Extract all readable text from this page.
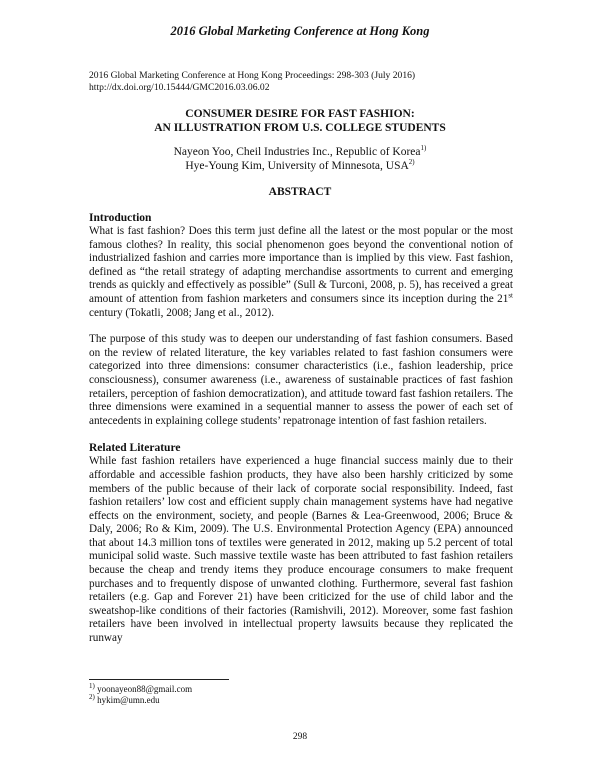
2016 Global Marketing Conference at Hong Kong
2016 Global Marketing Conference at Hong Kong Proceedings: 298-303 (July 2016)
http://dx.doi.org/10.15444/GMC2016.03.06.02
CONSUMER DESIRE FOR FAST FASHION:
AN ILLUSTRATION FROM U.S. COLLEGE STUDENTS
Nayeon Yoo, Cheil Industries Inc., Republic of Korea$^{1)}$
Hye-Young Kim, University of Minnesota, USA$^{2)}$
ABSTRACT

Introduction

What is fast fashion? Does this term just define all the latest or the most popular or the most famous clothes? In reality, this social phenomenon goes beyond the conventional notion of industrialized fashion and carries more importance than is implied by this view. Fast fashion, defined as “the retail strategy of adapting merchandise assortments to current and emerging trends as quickly and effectively as possible” (Sull & Turconi, 2008, p. 5), has received a great amount of attention from fashion marketers and consumers since its inception during the 21st century (Tokatli, 2008; Jang et al., 2012).

The purpose of this study was to deepen our understanding of fast fashion consumers. Based on the review of related literature, the key variables related to fast fashion consumers were categorized into three dimensions: consumer characteristics (i.e., fashion leadership, price consciousness), consumer awareness (i.e., awareness of sustainable practices of fast fashion retailers, perception of fashion democratization), and attitude toward fast fashion retailers. The three dimensions were examined in a sequential manner to assess the power of each set of antecedents in explaining college students’ repatronage intention of fast fashion retailers.

Related Literature

While fast fashion retailers have experienced a huge financial success mainly due to their affordable and accessible fashion products, they have also been harshly criticized by some members of the public because of their lack of corporate social responsibility. Indeed, fast fashion retailers’ low cost and efficient supply chain management systems have had negative effects on the environment, society, and people (Barnes & Lea-Greenwood, 2006; Bruce & Daly, 2006; Ro & Kim, 2009). The U.S. Environmental Protection Agency (EPA) announced that about 14.3 million tons of textiles were generated in 2012, making up 5.2 percent of total municipal solid waste. Such massive textile waste has been attributed to fast fashion retailers because the cheap and trendy items they produce encourage consumers to make frequent purchases and to frequently dispose of unwanted clothing. Furthermore, several fast fashion retailers (e.g. Gap and Forever 21) have been criticized for the use of child labor and the sweatshop-like conditions of their factories (Ramishvili, 2012). Moreover, some fast fashion retailers have been involved in intellectual property lawsuits because they replicated the runway

$^{1)}$ yoonayeon88@gmail.com
$^{2)}$ hykim@umn.edu
298
